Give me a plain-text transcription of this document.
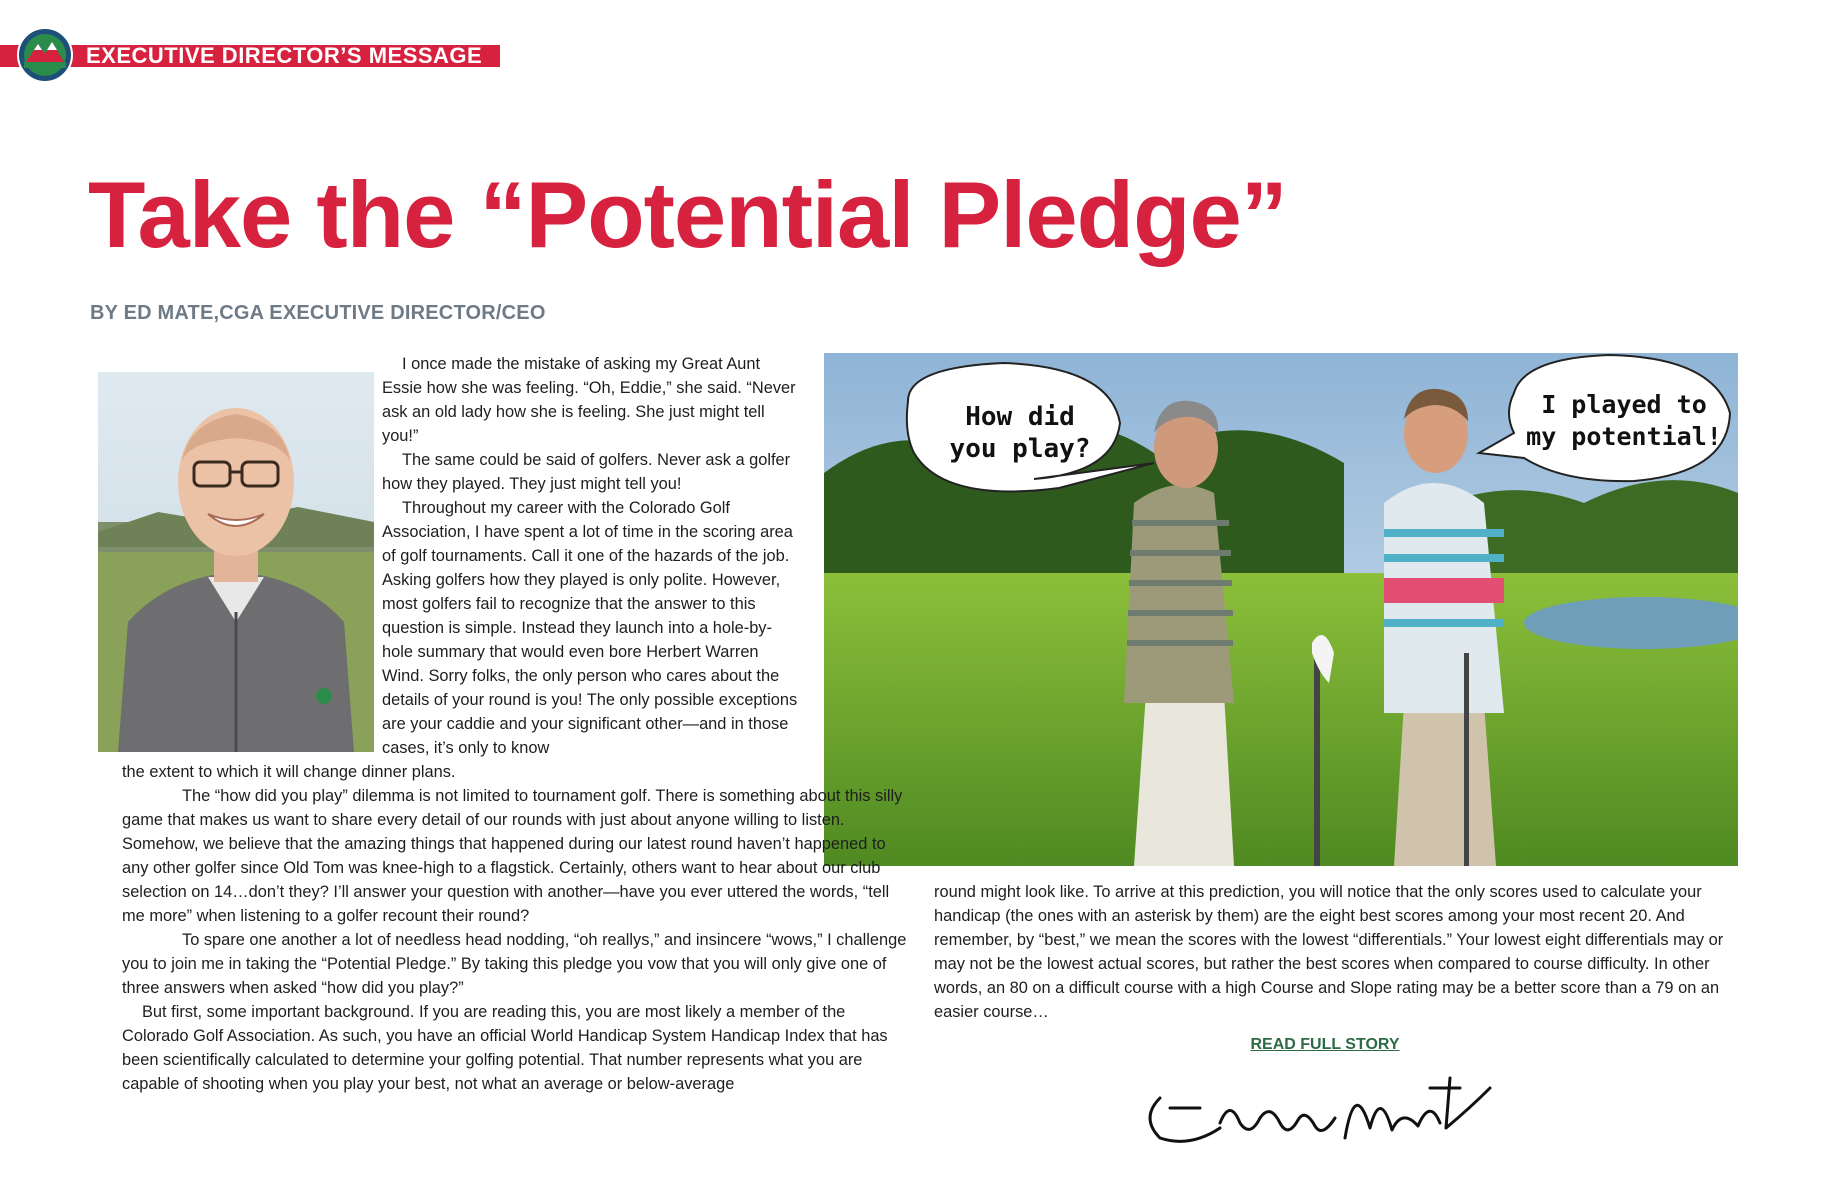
EXECUTIVE DIRECTOR’S MESSAGE
Take the “Potential Pledge”
BY ED MATE,CGA EXECUTIVE DIRECTOR/CEO
How did
you play?
I played to
my potential!

I once made the mistake of asking my Great Aunt Essie how she was feeling. “Oh, Eddie,” she said. “Never ask an old lady how she is feeling. She just might tell you!”

The same could be said of golfers. Never ask a golfer how they played. They just might tell you!

Throughout my career with the Colorado Golf Association, I have spent a lot of time in the scoring area of golf tournaments. Call it one of the hazards of the job. Asking golfers how they played is only polite. However, most golfers fail to recognize that the answer to this question is simple. Instead they launch into a hole-by-hole summary that would even bore Herbert Warren Wind. Sorry folks, the only person who cares about the details of your round is you! The only possible exceptions are your caddie and your significant other—and in those cases, it’s only to know

the extent to which it will change dinner plans.

The “how did you play” dilemma is not limited to tournament golf. There is something about this silly game that makes us want to share every detail of our rounds with just about anyone willing to listen. Somehow, we believe that the amazing things that happened during our latest round haven’t happened to any other golfer since Old Tom was knee-high to a flagstick. Certainly, others want to hear about our club selection on 14…don’t they? I’ll answer your question with another—have you ever uttered the words, “tell me more” when listening to a golfer recount their round?

To spare one another a lot of needless head nodding, “oh reallys,” and insincere “wows,” I challenge you to join me in taking the “Potential Pledge.” By taking this pledge you vow that you will only give one of three answers when asked “how did you play?”

But first, some important background. If you are reading this, you are most likely a member of the Colorado Golf Association. As such, you have an official World Handicap System Handicap Index that has been scientifically calculated to determine your golfing potential. That number represents what you are capable of shooting when you play your best, not what an average or below-average

round might look like. To arrive at this prediction, you will notice that the only scores used to calculate your handicap (the ones with an asterisk by them) are the eight best scores among your most recent 20. And remember, by “best,” we mean the scores with the lowest “differentials.” Your lowest eight differentials may or may not be the lowest actual scores, but rather the best scores when compared to course difficulty. In other words, an 80 on a difficult course with a high Course and Slope rating may be a better score than a 79 on an easier course…

READ FULL STORY
